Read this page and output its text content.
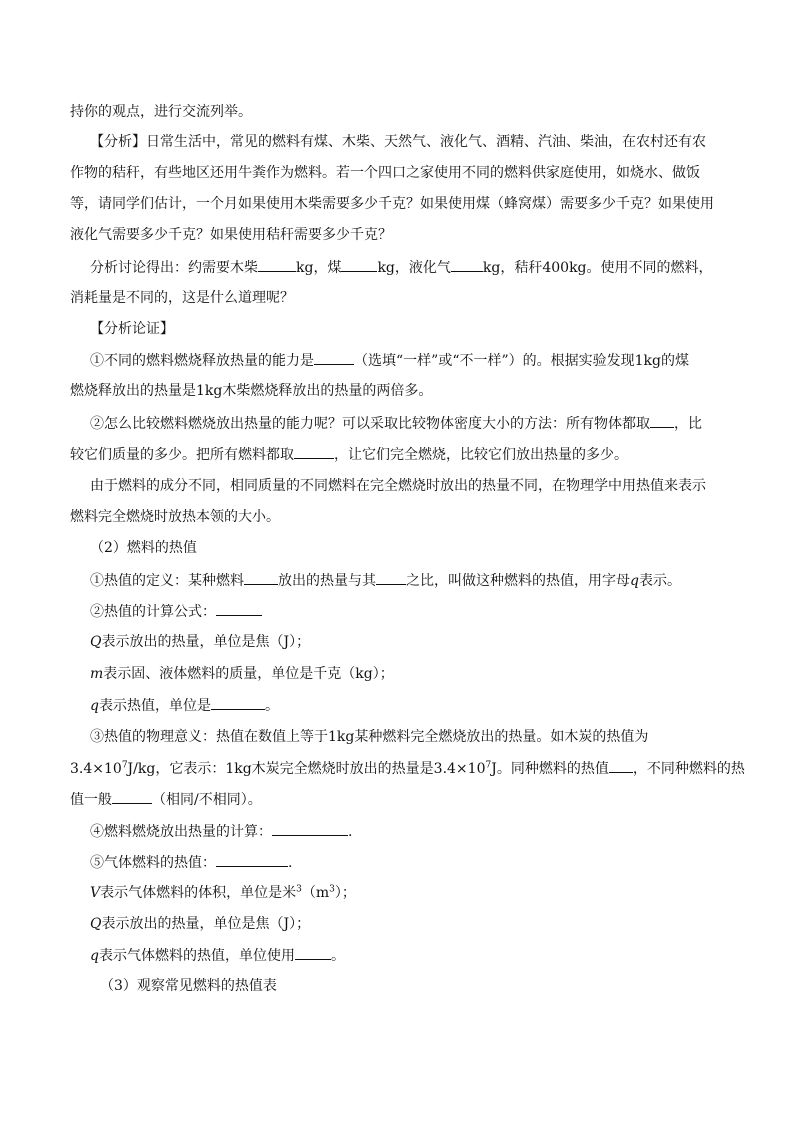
持你的观点，进行交流列举。
【分析】日常生活中，常见的燃料有煤、木柴、天然气、液化气、酒精、汽油、柴油，在农村还有农
作物的秸秆，有些地区还用牛粪作为燃料。若一个四口之家使用不同的燃料供家庭使用，如烧水、做饭
等，请同学们估计，一个月如果使用木柴需要多少千克？如果使用煤（蜂窝煤）需要多少千克？如果使用
液化气需要多少千克？如果使用秸秆需要多少千克？
分析讨论得出：约需要木柴	kg，煤	kg，液化气 kg，秸秆400kg。使用不同的燃料，
消耗量是不同的，这是什么道理呢？
【分析论证】
①不同的燃料燃烧释放热量的能力是	（选填“一样”或“不一样”）的。根据实验发现1kg的煤
燃烧释放出的热量是1kg木柴燃烧释放出的热量的两倍多。
②怎么比较燃料燃烧放出热量的能力呢？可以采取比较物体密度大小的方法：所有物体都取 ，比
较它们质量的多少。把所有燃料都取	，让它们完全燃烧，比较它们放出热量的多少。
由于燃料的成分不同，相同质量的不同燃料在完全燃烧时放出的热量不同，在物理学中用热值来表示
燃料完全燃烧时放热本领的大小。
（2）燃料的热值
①热值的定义：某种燃料 放出的热量与其 之比，叫做这种燃料的热值，用字母q表示。
②热值的计算公式：
Q表示放出的热量，单位是焦（J）；
m表示固、液体燃料的质量，单位是千克（kg）；
q表示热值，单位是	。
③热值的物理意义：热值在数值上等于1kg某种燃料完全燃烧放出的热量。如木炭的热值为
$3.4\times 10^7J/kg$，它表示：1kg木炭完全燃烧时放出的热量是$3.4\times 10^7J$。同种燃料的热值 ，不同种燃料的热
值一般	（相同/不相同）。
④燃料燃烧放出热量的计算：	.
⑤气体燃料的热值：	.
V表示气体燃料的体积，单位是米$^3(m^3)$；
Q表示放出的热量，单位是焦（J）；
q表示气体燃料的热值，单位使用	。
（3）观察常见燃料的热值表
